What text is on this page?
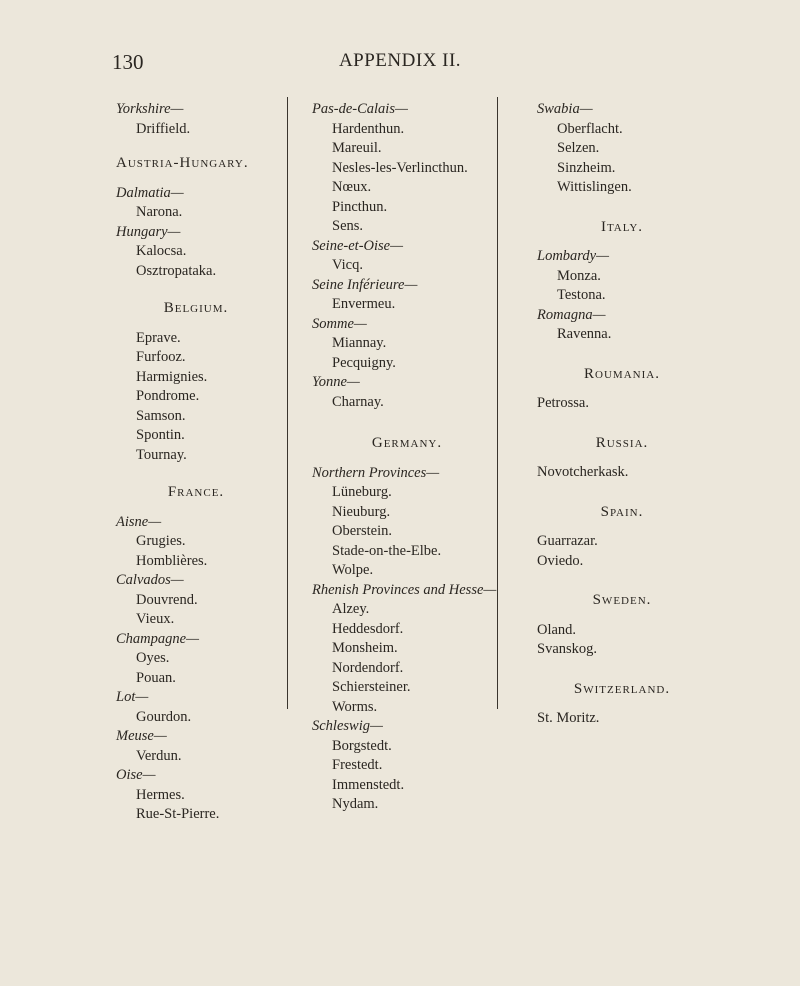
130	APPENDIX II.
Yorkshire—
Driffield.
Austria-Hungary.
Dalmatia—
Narona.
Hungary—
Kalocsa.
Osztropataka.
Belgium.
Eprave.
Furfooz.
Harmignies.
Pondrome.
Samson.
Spontin.
Tournay.
France.
Aisne—
Grugies.
Homblières.
Calvados—
Douvrend.
Vieux.
Champagne—
Oyes.
Pouan.
Lot—
Gourdon.
Meuse—
Verdun.
Oise—
Hermes.
Rue-St-Pierre.
Pas-de-Calais—
Hardenthun.
Mareuil.
Nesles-les-Verlincthun.
Nœux.
Pincthun.
Sens.
Seine-et-Oise—
Vicq.
Seine Inférieure—
Envermeu.
Somme—
Miannay.
Pecquigny.
Yonne—
Charnay.
Germany.
Northern Provinces—
Lüneburg.
Nieuburg.
Oberstein.
Stade-on-the-Elbe.
Wolpe.
Rhenish Provinces and Hesse—
Alzey.
Heddesdorf.
Monsheim.
Nordendorf.
Schiersteiner.
Worms.
Schleswig—
Borgstedt.
Frestedt.
Immenstedt.
Nydam.
Swabia—
Oberflacht.
Selzen.
Sinzheim.
Wittislingen.
Italy.
Lombardy—
Monza.
Testona.
Romagna—
Ravenna.
Roumania.
Petrossa.
Russia.
Novotcherkask.
Spain.
Guarrazar.
Oviedo.
Sweden.
Oland.
Svanskog.
Switzerland.
St. Moritz.
